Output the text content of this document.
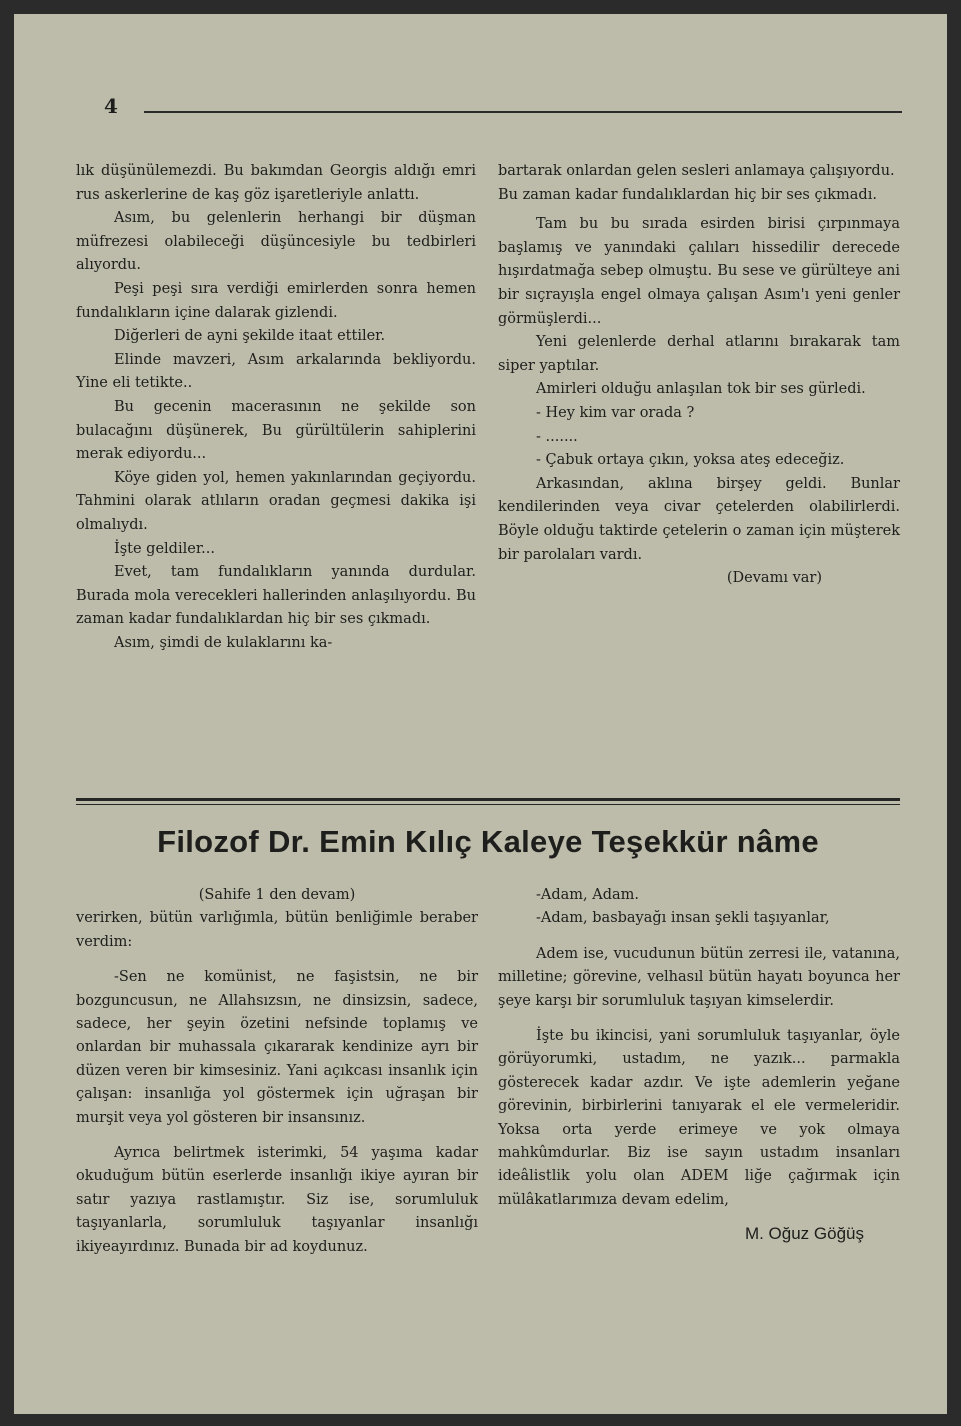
4

lık düşünülemezdi. Bu bakımdan Georgis aldığı emri rus askerlerine de kaş göz işaretleriyle anlattı.

Asım, bu gelenlerin herhangi bir düşman müfrezesi olabileceği düşüncesiyle bu tedbirleri alıyordu.

Peşi peşi sıra verdiği emirlerden sonra hemen fundalıkların içine dalarak gizlendi.

Diğerleri de ayni şekilde itaat ettiler.

Elinde mavzeri, Asım arkalarında bekliyordu. Yine eli tetikte..

Bu gecenin macerasının ne şekilde son bulacağını düşünerek, Bu gürültülerin sahiplerini merak ediyordu...

Köye giden yol, hemen yakınlarından geçiyordu. Tahmini olarak atlıların oradan geçmesi dakika işi olmalıydı.

İşte geldiler...

Evet, tam fundalıkların yanında durdular. Burada mola verecekleri hallerinden anlaşılıyordu. Bu zaman kadar fundalıklardan hiç bir ses çıkmadı.

Asım, şimdi de kulaklarını ka-

bartarak onlardan gelen sesleri anlamaya çalışıyordu.

Bu zaman kadar fundalıklardan hiç bir ses çıkmadı.

Tam bu bu sırada esirden birisi çırpınmaya başlamış ve yanındaki çalıları hissedilir derecede hışırdatmağa sebep olmuştu. Bu sese ve gürülteye ani bir sıçrayışla engel olmaya çalışan Asım'ı yeni genler görmüşlerdi...

Yeni gelenlerde derhal atlarını bırakarak tam siper yaptılar.

Amirleri olduğu anlaşılan tok bir ses gürledi.

- Hey kim var orada ?

- .......

- Çabuk ortaya çıkın, yoksa ateş edeceğiz.

Arkasından, aklına birşey geldi. Bunlar kendilerinden veya civar çetelerden olabilirlerdi. Böyle olduğu taktirde çetelerin o zaman için müşterek bir parolaları vardı.

(Devamı var)

Filozof Dr. Emin Kılıç Kaleye Teşekkür nâme

(Sahife 1 den devam)

verirken, bütün varlığımla, bütün benliğimle beraber verdim:

-Sen ne komünist, ne faşistsin, ne bir bozguncusun, ne Allahsızsın, ne dinsizsin, sadece, sadece, her şeyin özetini nefsinde toplamış ve onlardan bir muhassala çıkararak kendinize ayrı bir düzen veren bir kimsesiniz. Yani açıkcası insanlık için çalışan: insanlığa yol göstermek için uğraşan bir murşit veya yol gösteren bir insansınız.

Ayrıca belirtmek isterimki, 54 yaşıma kadar okuduğum bütün eserlerde insanlığı ikiye ayıran bir satır yazıya rastlamıştır. Siz ise, sorumluluk taşıyanlarla, sorumluluk taşıyanlar insanlığı ikiyeayırdınız. Bunada bir ad koydunuz.

-Adam, Adam.

-Adam, basbayağı insan şekli taşıyanlar,

Adem ise, vucudunun bütün zerresi ile, vatanına, milletine; görevine, velhasıl bütün hayatı boyunca her şeye karşı bir sorumluluk taşıyan kimselerdir.

İşte bu ikincisi, yani sorumluluk taşıyanlar, öyle görüyorumki, ustadım, ne yazık... parmakla gösterecek kadar azdır. Ve işte ademlerin yeğane görevinin, birbirlerini tanıyarak el ele vermeleridir. Yoksa orta yerde erimeye ve yok olmaya mahkûmdurlar. Biz ise sayın ustadım insanları ideâlistlik yolu olan ADEM liğe çağırmak için mülâkatlarımıza devam edelim,

M. Oğuz Göğüş
